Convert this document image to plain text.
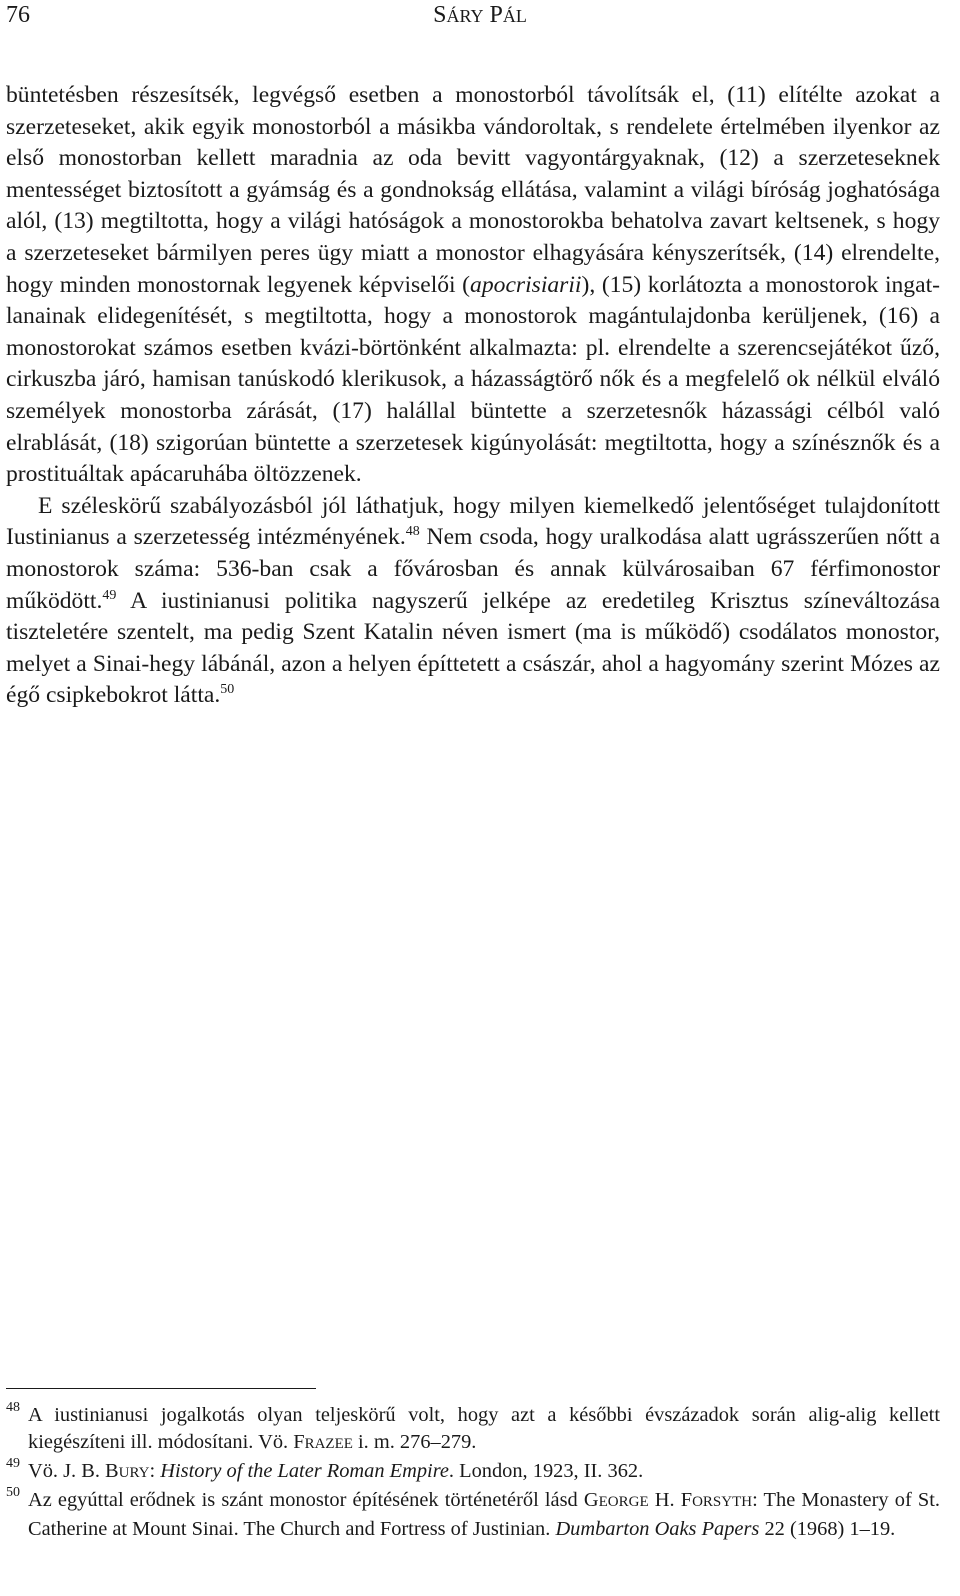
76	SÁRY PÁL

büntetésben részesítsék, legvégső esetben a monostorból távolítsák el, (11) elítélte azokat a szerzeteseket, akik egyik monostorból a másikba vándoroltak, s rendelete értelmében ilyenkor az első monostorban kellett maradnia az oda bevitt vagyontárgyaknak, (12) a szerzeteseknek mentességet biztosított a gyámság és a gondnokság ellátása, valamint a világi bíróság joghatósága alól, (13) megtiltotta, hogy a világi hatóságok a monostorokba behatolva zavart keltsenek, s hogy a szerzeteseket bármilyen peres ügy miatt a monostor elhagyására kényszerítsék, (14) elrendelte, hogy minden monostornak legyenek képviselői (apocrisiarii), (15) korlátozta a monostorok ingatlanainak elidegenítését, s megtiltotta, hogy a monostorok magántulajdonba kerüljenek, (16) a monostorokat számos esetben kvázi-börtönként alkalmazta: pl. elrendelte a szerencsejátékot űző, cirkuszba járó, hamisan tanúskodó klerikusok, a házasságtörő nők és a megfelelő ok nélkül elváló személyek monostorba zárását, (17) halállal büntette a szerzetesnők házassági célból való elrablását, (18) szigorúan büntette a szerzetesek kigúnyolását: megtiltotta, hogy a színésznők és a prostituáltak apácaruhába öltözzenek.

E széleskörű szabályozásból jól láthatjuk, hogy milyen kiemelkedő jelentőséget tulajdonított Iustinianus a szerzetesség intézményének.$^{48}$ Nem csoda, hogy uralkodása alatt ugrásszerűen nőtt a monostorok száma: 536-ban csak a fővárosban és annak külvárosaiban 67 férfimonostor működött.$^{49}$ A iustinianusi politika nagyszerű jelképe az eredetileg Krisztus színeváltozása tiszteletére szentelt, ma pedig Szent Katalin néven ismert (ma is működő) csodálatos monostor, melyet a Sinai-hegy lábánál, azon a helyen építtetett a császár, ahol a hagyomány szerint Mózes az égő csipkebokrot látta.$^{50}$

48 A iustinianusi jogalkotás olyan teljeskörű volt, hogy azt a későbbi évszázadok során alig-alig kellett kiegészíteni ill. módosítani. Vö. FRAZEE i. m. 276–279.
49 Vö. J. B. BURY: History of the Later Roman Empire. London, 1923, II. 362.
50 Az egyúttal erődnek is szánt monostor építésének történetéről lásd GEORGE H. FORSYTH: The Monastery of St. Catherine at Mount Sinai. The Church and Fortress of Justinian. Dumbarton Oaks Papers 22 (1968) 1–19.
